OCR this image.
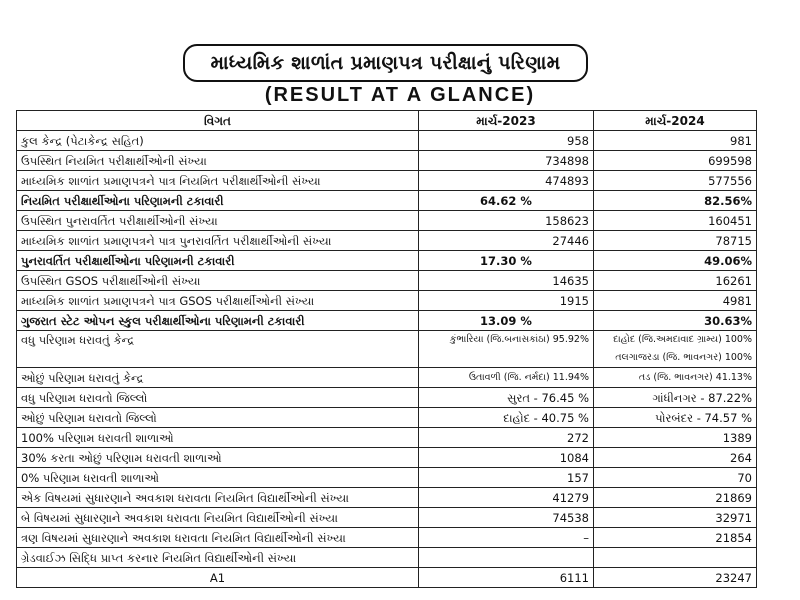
માધ્યમિક શાળાંત પ્રમાણપત્ર પરીક્ષાનું પરિણામ
(RESULT AT A GLANCE)
વિગત	માર્ચ-2023	માર્ચ-2024
કુલ કેન્દ્ર (પેટાકેન્દ્ર સહિત)	958	981
ઉપસ્થિત નિયમિત પરીક્ષાર્થીઓની સંખ્યા	734898	699598
માધ્યમિક શાળાંત પ્રમાણપત્રને પાત્ર નિયમિત પરીક્ષાર્થીઓની સંખ્યા	474893	577556
નિયમિત પરીક્ષાર્થીઓના પરિણામની ટકાવારી	64.62 %	82.56%
ઉપસ્થિત પુનરાવર્તિત પરીક્ષાર્થીઓની સંખ્યા	158623	160451
માધ્યમિક શાળાંત પ્રમાણપત્રને પાત્ર પુનરાવર્તિત પરીક્ષાર્થીઓની સંખ્યા	27446	78715
પુનરાવર્તિત પરીક્ષાર્થીઓના પરિણામની ટકાવારી	17.30 %	49.06%
ઉપસ્થિત GSOS પરીક્ષાર્થીઓની સંખ્યા	14635	16261
માધ્યમિક શાળાંત પ્રમાણપત્રને પાત્ર GSOS પરીક્ષાર્થીઓની સંખ્યા	1915	4981
ગુજરાત સ્ટેટ ઓપન સ્કુલ પરીક્ષાર્થીઓના પરિણામની ટકાવારી	13.09 %	30.63%
વધુ પરિણામ ધરાવતું કેન્દ્ર	કુંભારિયા (જિ.બનાસકાંઠા) 95.92%	દાહોદ (જિ.અમદાવાદ ગ્રામ્ય) 100%
તલગાજરડા (જિ. ભાવનગર) 100%

ઓછું પરિણામ ધરાવતું કેન્દ્ર	ઉતાવળી (જિ. નર્મદા) 11.94%	તડ (જિ. ભાવનગર) 41.13%
વધુ પરિણામ ધરાવતો જિલ્લો	સુરત - 76.45 %	ગાંધીનગર - 87.22%
ઓછું પરિણામ ધરાવતો જિલ્લો	દાહોદ - 40.75 %	પોરબંદર - 74.57 %
100% પરિણામ ધરાવતી શાળાઓ	272	1389
30% કરતા ઓછું પરિણામ ધરાવતી શાળાઓ	1084	264
0% પરિણામ ધરાવતી શાળાઓ	157	70
એક વિષયમાં સુધારણાને અવકાશ ધરાવતા નિયમિત વિદ્યાર્થીઓની સંખ્યા	41279	21869
બે વિષયમાં સુધારણાને અવકાશ ધરાવતા નિયમિત વિદ્યાર્થીઓની સંખ્યા	74538	32971
ત્રણ વિષયમાં સુધારણાને અવકાશ ધરાવતા નિયમિત વિદ્યાર્થીઓની સંખ્યા	–	21854
ગ્રેડવાઈઝ સિદ્ધિ પ્રાપ્ત કરનાર નિયમિત વિદ્યાર્થીઓની સંખ્યા		
A1	6111	23247
